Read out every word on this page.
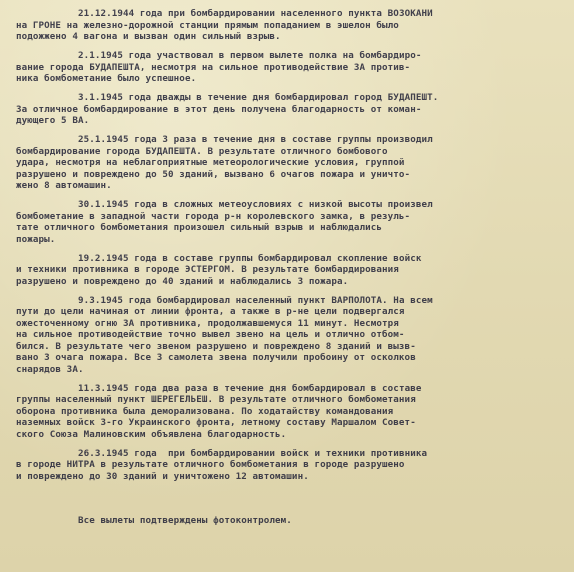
21.12.1944 года при бомбардировании населенного пункта ВОЗОКАНИ
на ГРОНЕ на железно-дорожной станции прямым попаданием в эшелон было
подожжено 4 вагона и вызван один сильный взрыв.
2.1.1945 года участвовал в первом вылете полка на бомбардиро-
вание города БУДАПЕШТА, несмотря на сильное противодействие ЗА против-
ника бомбометание было успешное.
3.1.1945 года дважды в течение дня бомбардировал город БУДАПЕШТ.
За отличное бомбардирование в этот день получена благодарность от коман-
дующего 5 ВА.
25.1.1945 года 3 раза в течение дня в составе группы производил
бомбардирование города БУДАПЕШТА. В результате отличного бомбового
удара, несмотря на неблагоприятные метеорологические условия, группой
разрушено и повреждено до 50 зданий, вызвано 6 очагов пожара и уничто-
жено 8 автомашин.
30.1.1945 года в сложных метеоусловиях с низкой высоты произвел
бомбометание в западной части города р-н королевского замка, в резуль-
тате отличного бомбометания произошел сильный взрыв и наблюдались
пожары.
19.2.1945 года в составе группы бомбардировал скопление войск
и техники противника в городе ЭСТЕРГОМ. В результате бомбардирования
разрушено и повреждено до 40 зданий и наблюдались 3 пожара.
9.3.1945 года бомбардировал населенный пункт ВАРПОЛОТА. На всем
пути до цели начиная от линии фронта, а также в р-не цели подвергался
ожесточенному огню ЗА противника, продолжавшемуся 11 минут. Несмотря
на сильное противодействие точно вывел звено на цель и отлично отбом-
бился. В результате чего звеном разрушено и повреждено 8 зданий и вызв-
вано 3 очага пожара. Все 3 самолета звена получили пробоину от осколков
снарядов ЗА.
11.3.1945 года два раза в течение дня бомбардировал в составе
группы населенный пункт ШЕРЕГЕЛЬЕШ. В результате отличного бомбометания
оборона противника была деморализована. По ходатайству командования
наземных войск 3-го Украинского фронта, летному составу Маршалом Совет-
ского Союза Малиновским объявлена благодарность.
26.3.1945 года  при бомбардировании войск и техники противника
в городе НИТРА в результате отличного бомбометания в городе разрушено
и повреждено до 30 зданий и уничтожено 12 автомашин.

Все вылеты подтверждены фотоконтролем.
